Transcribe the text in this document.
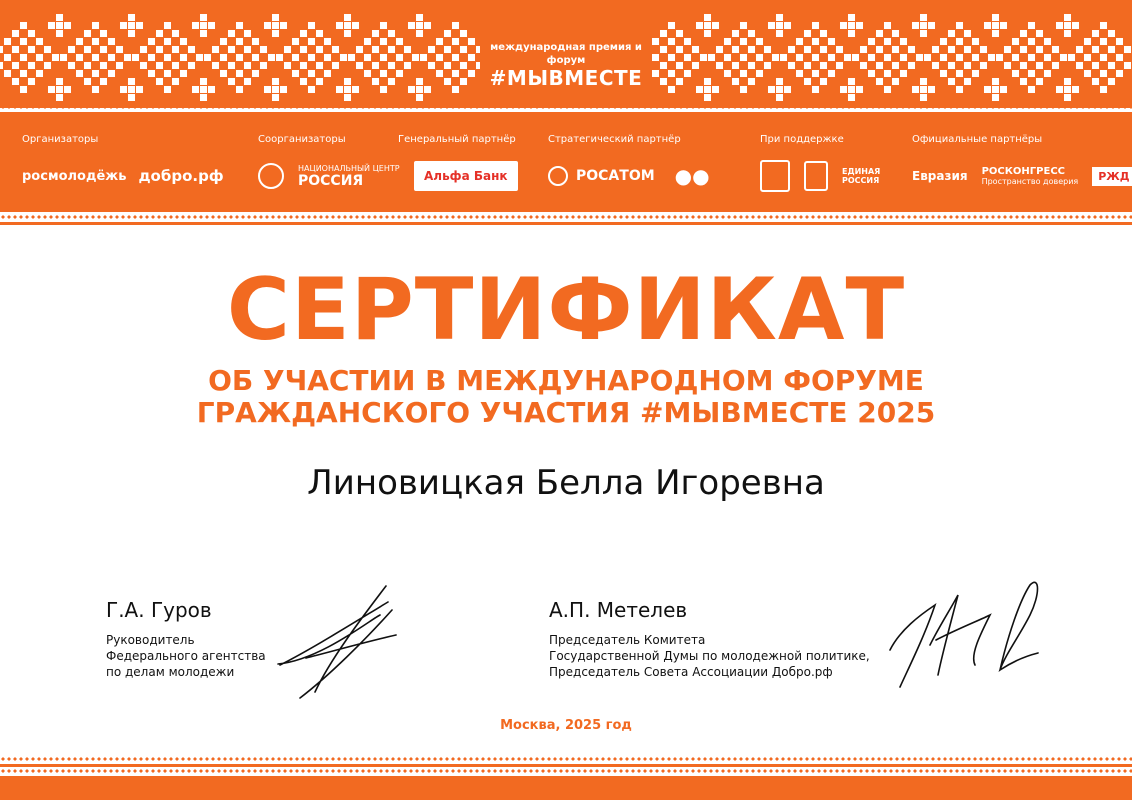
международная премия и форум
#МЫВМЕСТЕ
Организаторы
росмолодёжь добро.рф
Соорганизаторы
НАЦИОНАЛЬНЫЙ ЦЕНТР
РОССИЯ
Генеральный партнёр
Альфа Банк
Стратегический партнёр
РОСАТОМ ●●
При поддержке
ЕДИНАЯ РОССИЯ
Официальные партнёры
Евразия РОСКОНГРЕСС
Пространство доверия	РЖД
СЕРТИФИКАТ
ОБ УЧАСТИИ В МЕЖДУНАРОДНОМ ФОРУМЕ
ГРАЖДАНСКОГО УЧАСТИЯ #МЫВМЕСТЕ 2025
Линовицкая Белла Игоревна
Г.А. Гуров
Руководитель
Федерального агентства
по делам молодежи
А.П. Метелев
Председатель Комитета
Государственной Думы по молодежной политике,
Председатель Совета Ассоциации Добро.рф
Москва, 2025 год
